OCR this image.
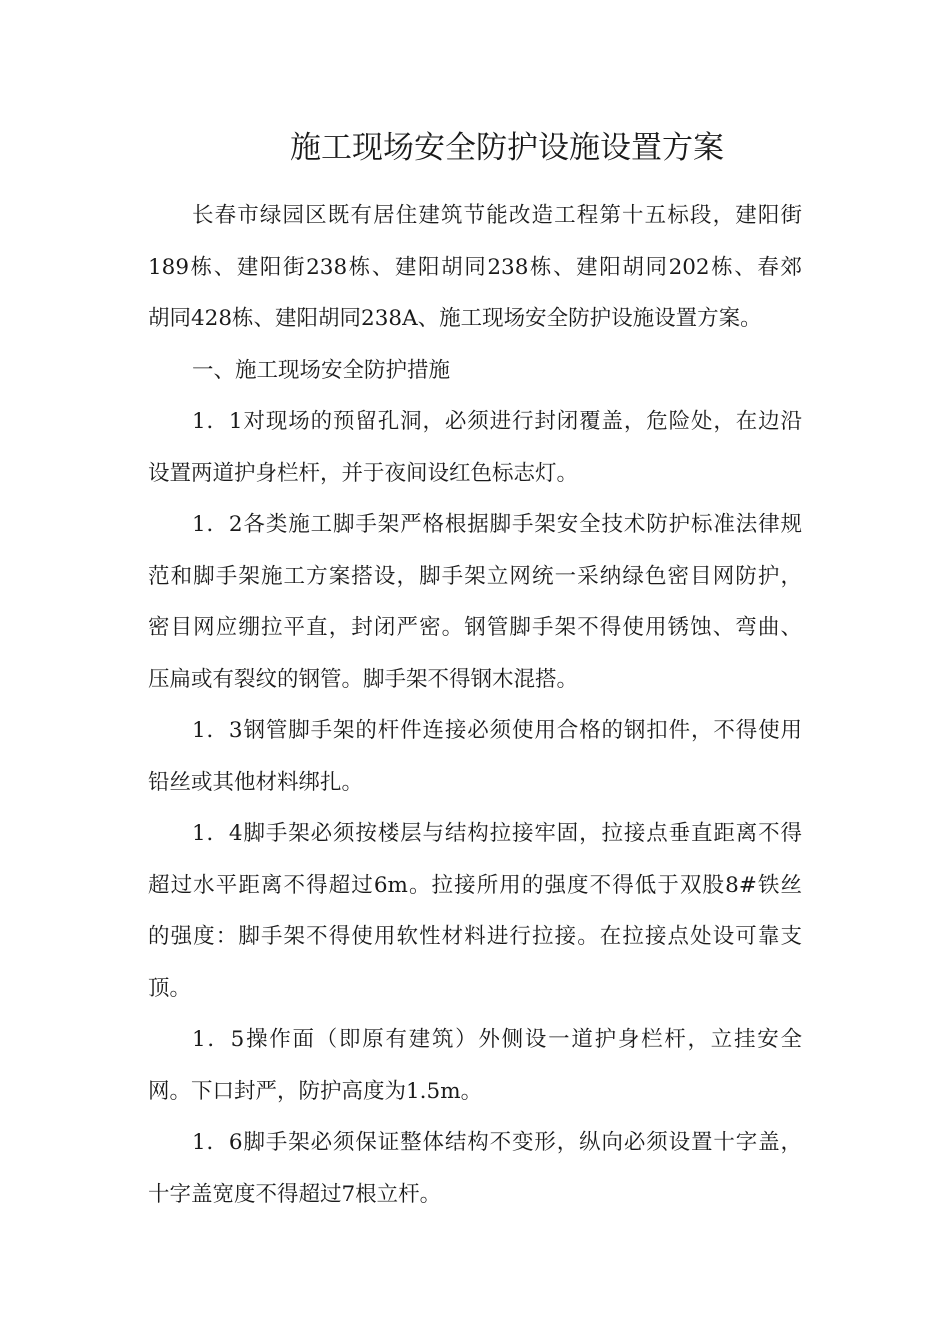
施工现场安全防护设施设置方案

长春市绿园区既有居住建筑节能改造工程第十五标段，建阳街
189栋、建阳街238栋、建阳胡同238栋、建阳胡同202栋、春郊
胡同428栋、建阳胡同238A、施工现场安全防护设施设置方案。

一、施工现场安全防护措施

1．1对现场的预留孔洞，必须进行封闭覆盖，危险处，在边沿
设置两道护身栏杆，并于夜间设红色标志灯。

1．2各类施工脚手架严格根据脚手架安全技术防护标准法律规
范和脚手架施工方案搭设，脚手架立网统一采纳绿色密目网防护，
密目网应绷拉平直，封闭严密。钢管脚手架不得使用锈蚀、弯曲、
压扁或有裂纹的钢管。脚手架不得钢木混搭。

1．3钢管脚手架的杆件连接必须使用合格的钢扣件，不得使用
铅丝或其他材料绑扎。

1．4脚手架必须按楼层与结构拉接牢固，拉接点垂直距离不得
超过水平距离不得超过6m。拉接所用的强度不得低于双股8#铁丝
的强度：脚手架不得使用软性材料进行拉接。在拉接点处设可靠支
顶。

1．5操作面（即原有建筑）外侧设一道护身栏杆，立挂安全
网。下口封严，防护高度为1.5m。

1．6脚手架必须保证整体结构不变形，纵向必须设置十字盖，
十字盖宽度不得超过7根立杆。
